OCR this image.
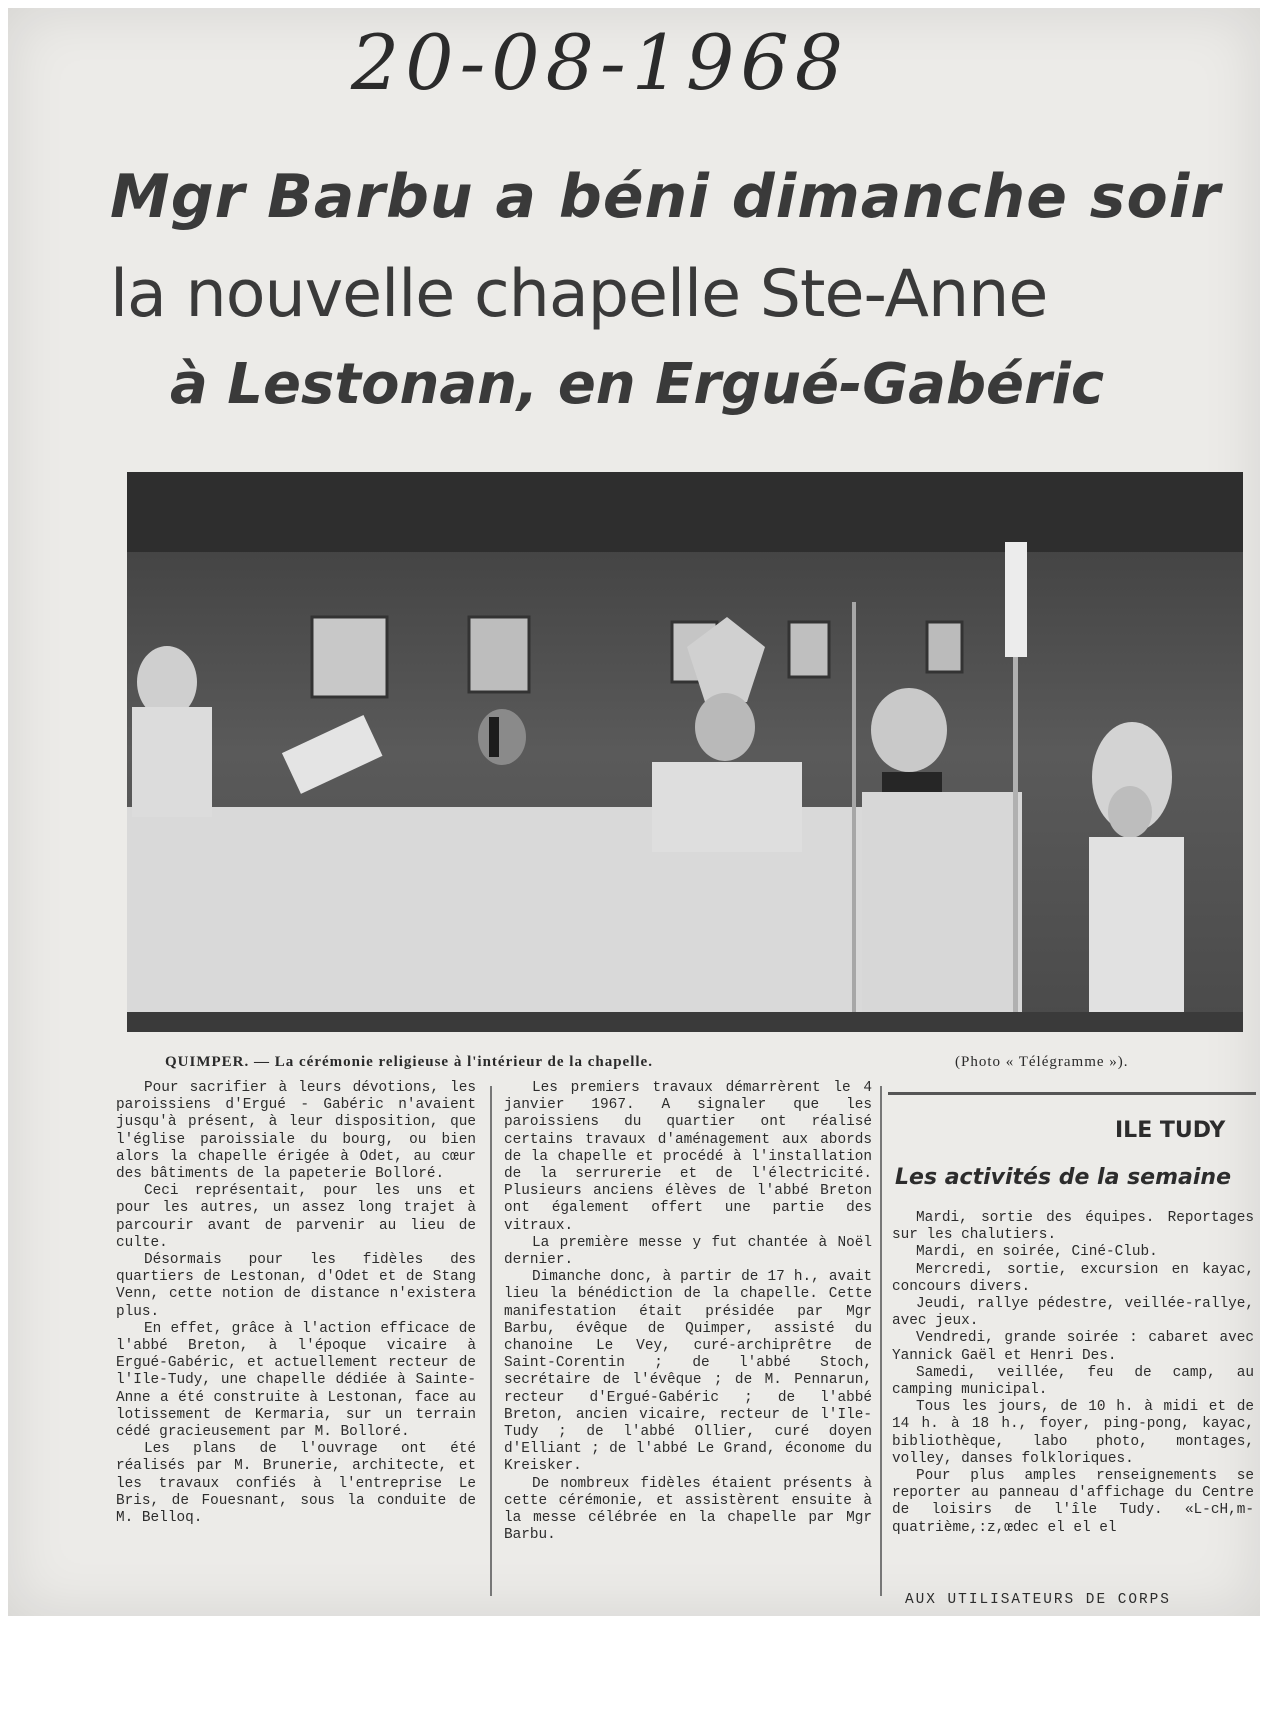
20-08-1968
Mgr Barbu a béni dimanche soir
la nouvelle chapelle Ste-Anne
à Lestonan, en Ergué-Gabéric
QUIMPER. — La cérémonie religieuse à l'intérieur de la chapelle.	(Photo « Télégramme »).

Pour sacrifier à leurs dévotions, les paroissiens d'Ergué - Gabéric n'avaient jusqu'à présent, à leur disposition, que l'église paroissiale du bourg, ou bien alors la chapelle érigée à Odet, au cœur des bâtiments de la papeterie Bolloré.

Ceci représentait, pour les uns et pour les autres, un assez long trajet à parcourir avant de parvenir au lieu de culte.

Désormais pour les fidèles des quartiers de Lestonan, d'Odet et de Stang Venn, cette notion de distance n'existera plus.

En effet, grâce à l'action efficace de l'abbé Breton, à l'époque vicaire à Ergué-Gabéric, et actuellement recteur de l'Ile-Tudy, une chapelle dédiée à Sainte-Anne a été construite à Lestonan, face au lotissement de Kermaria, sur un terrain cédé gracieusement par M. Bolloré.

Les plans de l'ouvrage ont été réalisés par M. Brunerie, architecte, et les travaux confiés à l'entreprise Le Bris, de Fouesnant, sous la conduite de M. Belloq.

Les premiers travaux démarrèrent le 4 janvier 1967. A signaler que les paroissiens du quartier ont réalisé certains travaux d'aménagement aux abords de la chapelle et procédé à l'installation de la serrurerie et de l'électricité. Plusieurs anciens élèves de l'abbé Breton ont également offert une partie des vitraux.

La première messe y fut chantée à Noël dernier.

Dimanche donc, à partir de 17 h., avait lieu la bénédiction de la chapelle. Cette manifestation était présidée par Mgr Barbu, évêque de Quimper, assisté du chanoine Le Vey, curé-archiprêtre de Saint-Corentin ; de l'abbé Stoch, secrétaire de l'évêque ; de M. Pennarun, recteur d'Ergué-Gabéric ; de l'abbé Breton, ancien vicaire, recteur de l'Ile-Tudy ; de l'abbé Ollier, curé doyen d'Elliant ; de l'abbé Le Grand, économe du Kreisker.

De nombreux fidèles étaient présents à cette cérémonie, et assistèrent ensuite à la messe célébrée en la chapelle par Mgr Barbu.

ILE TUDY
Les activités de la semaine

Mardi, sortie des équipes. Reportages sur les chalutiers.

Mardi, en soirée, Ciné-Club.

Mercredi, sortie, excursion en kayac, concours divers.

Jeudi, rallye pédestre, veillée-rallye, avec jeux.

Vendredi, grande soirée : cabaret avec Yannick Gaël et Henri Des.

Samedi, veillée, feu de camp, au camping municipal.

Tous les jours, de 10 h. à midi et de 14 h. à 18 h., foyer, ping-pong, kayac, bibliothèque, labo photo, montages, volley, danses folkloriques.

Pour plus amples renseignements se reporter au panneau d'affichage du Centre de loisirs de l'île Tudy. «L-cH,m-quatrième,:z,œdec el el el

AUX UTILISATEURS DE CORPS
